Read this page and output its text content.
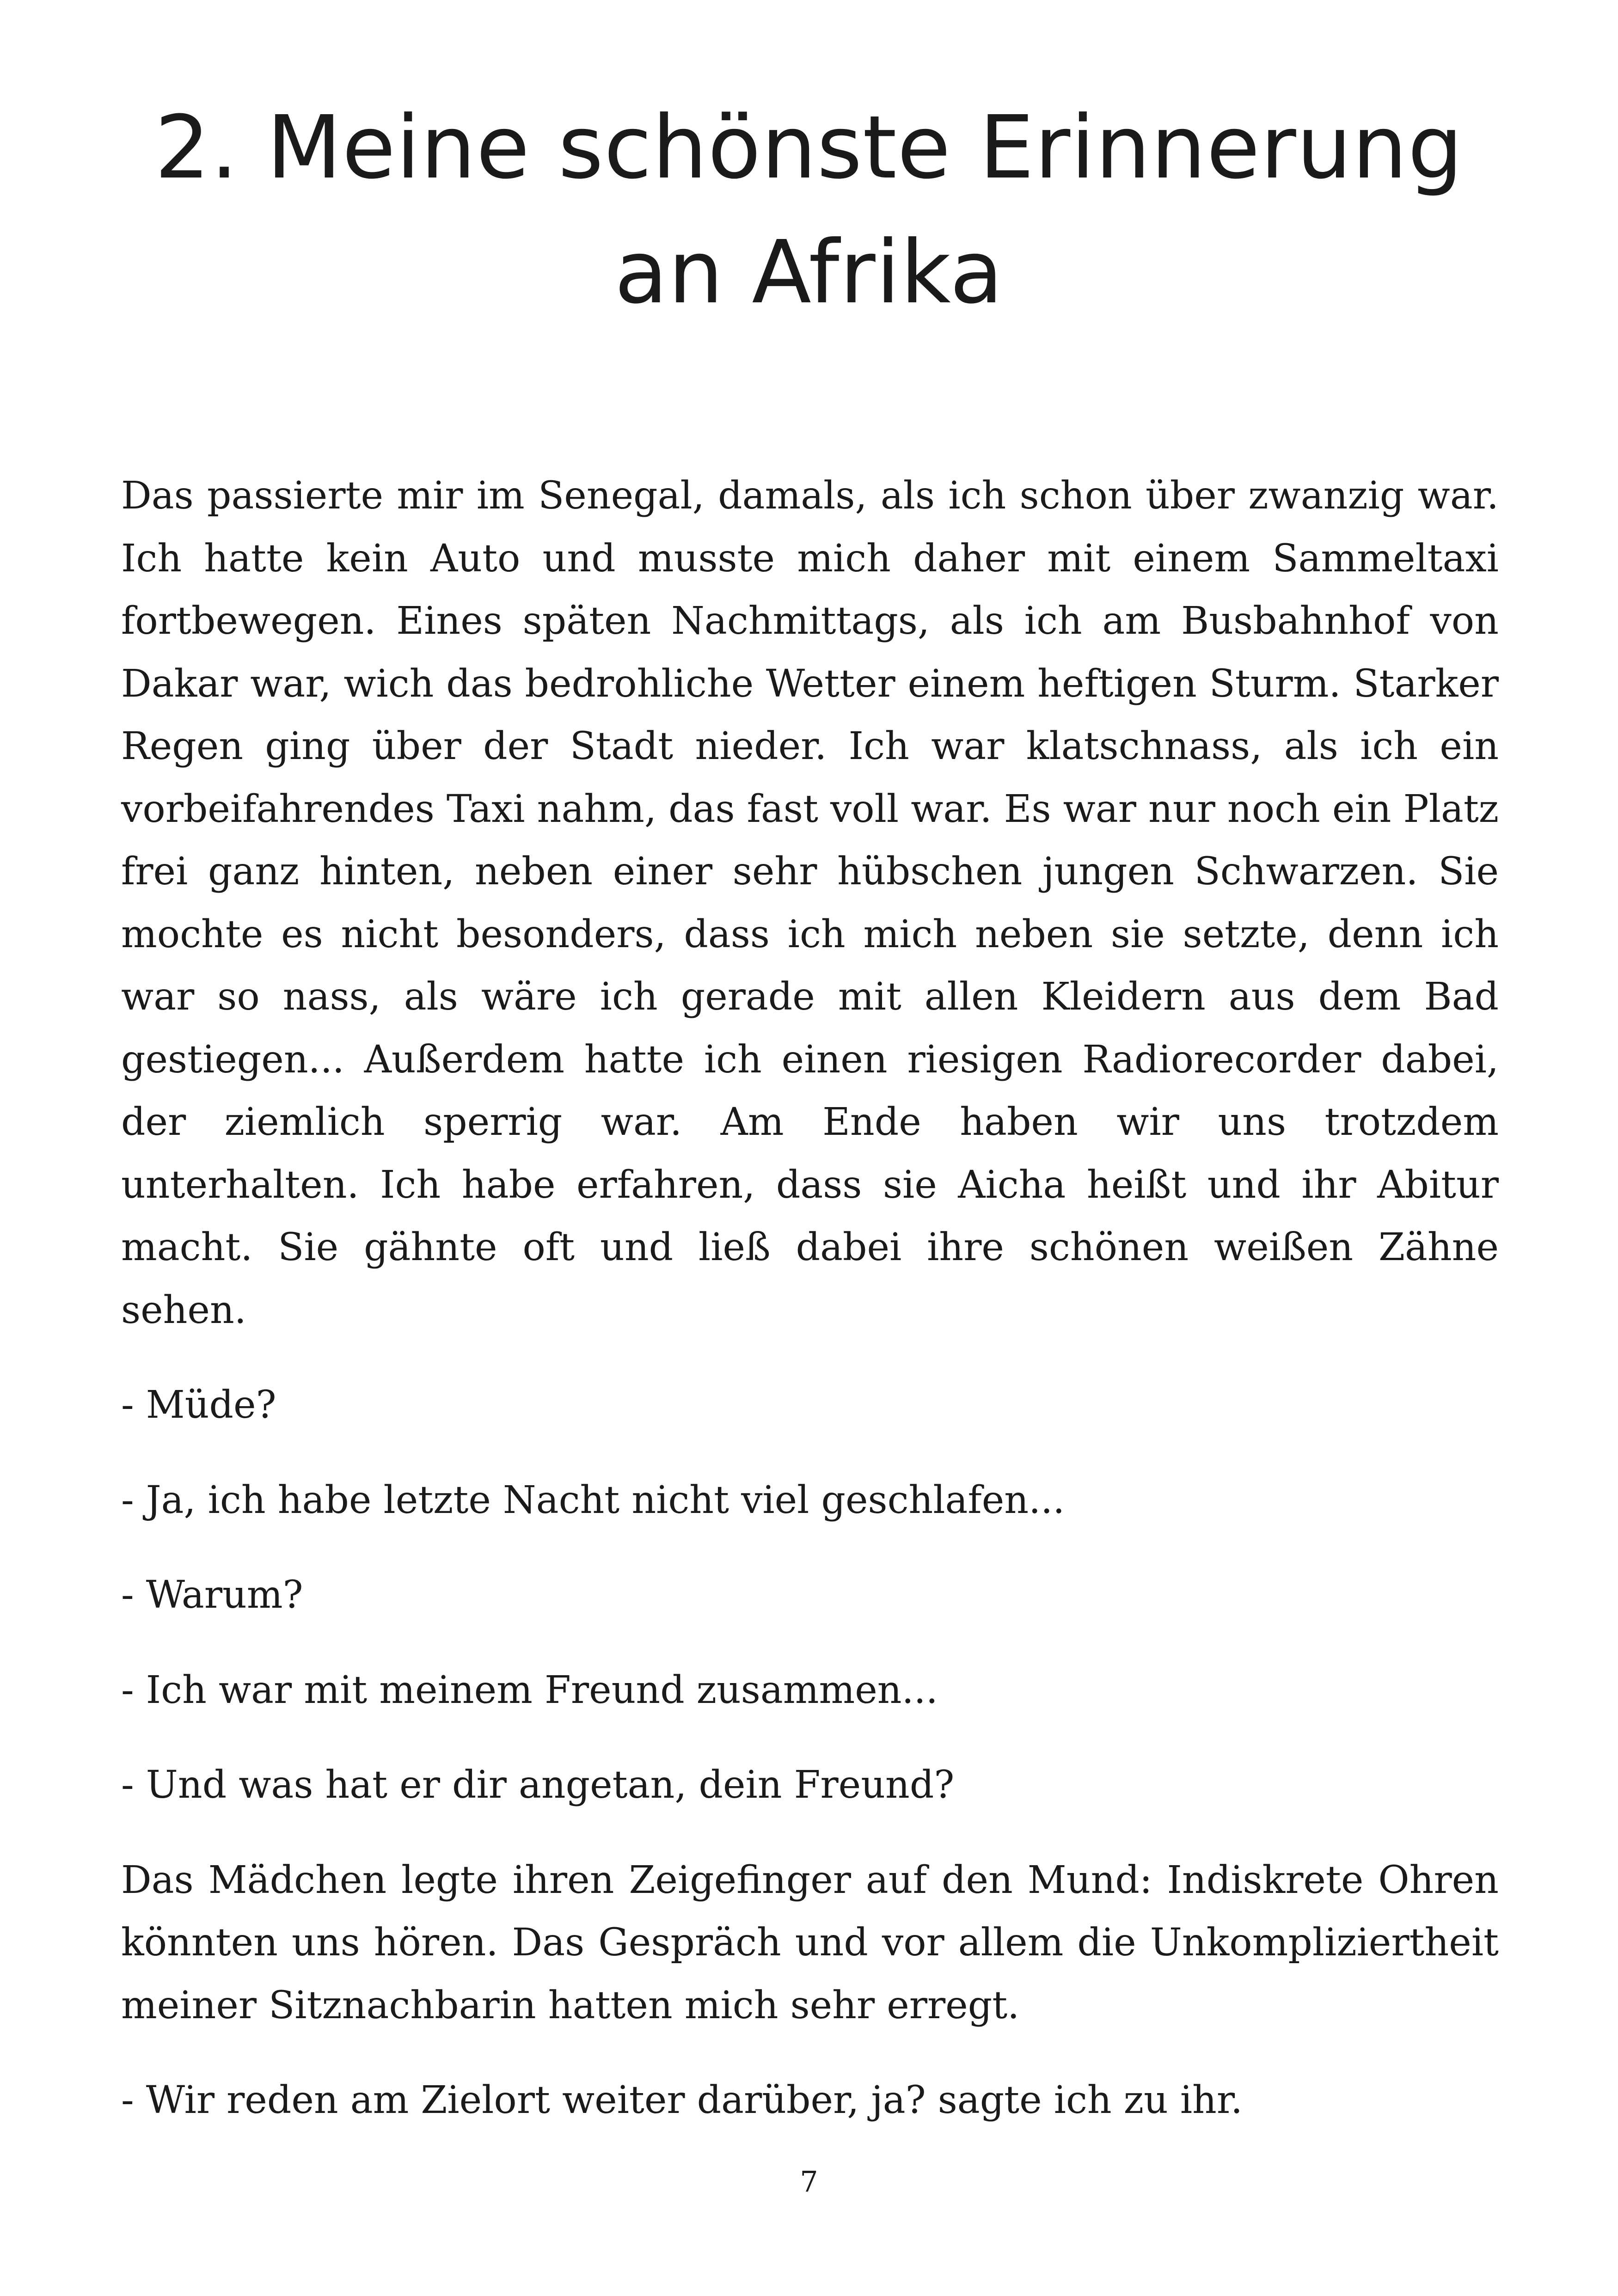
2. Meine schönste Erinnerung
an Afrika

Das passierte mir im Senegal, damals, als ich schon über zwanzig war. Ich hatte kein Auto und musste mich daher mit einem Sammeltaxi fortbewegen. Eines späten Nachmittags, als ich am Busbahnhof von Dakar war, wich das bedrohliche Wetter einem heftigen Sturm. Starker Regen ging über der Stadt nieder. Ich war klatschnass, als ich ein vorbeifahrendes Taxi nahm, das fast voll war. Es war nur noch ein Platz frei ganz hinten, neben einer sehr hübschen jungen Schwarzen. Sie mochte es nicht besonders, dass ich mich neben sie setzte, denn ich war so nass, als wäre ich gerade mit allen Kleidern aus dem Bad gestiegen... Außerdem hatte ich einen riesigen Radiorecorder dabei, der ziemlich sperrig war. Am Ende haben wir uns trotzdem unterhalten. Ich habe erfahren, dass sie Aicha heißt und ihr Abitur macht. Sie gähnte oft und ließ dabei ihre schönen weißen Zähne sehen.

- Müde?

- Ja, ich habe letzte Nacht nicht viel geschlafen...

- Warum?

- Ich war mit meinem Freund zusammen...

- Und was hat er dir angetan, dein Freund?

Das Mädchen legte ihren Zeigefinger auf den Mund: Indiskrete Ohren könnten uns hören. Das Gespräch und vor allem die Unkompliziertheit meiner Sitznachbarin hatten mich sehr erregt.

- Wir reden am Zielort weiter darüber, ja? sagte ich zu ihr.

7
